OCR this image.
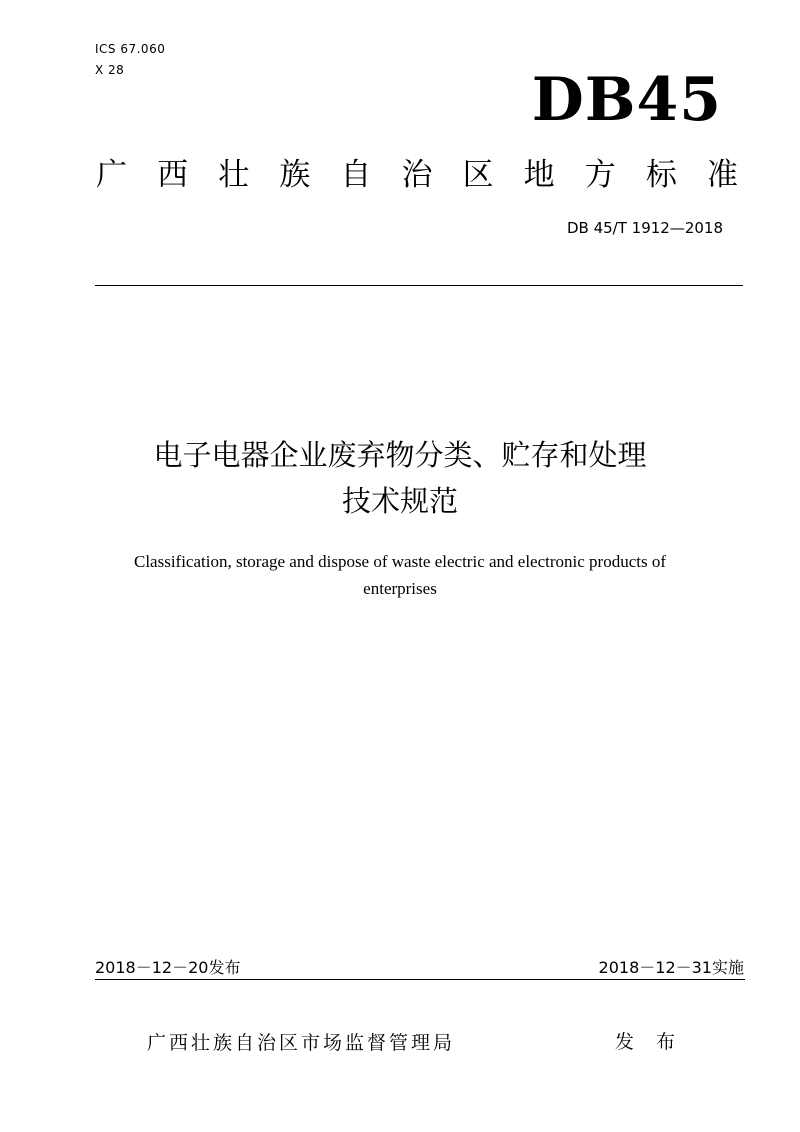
ICS 67.060
X 28	DB45
广 西 壮 族 自 治 区 地 方 标 准
DB 45/T 1912—2018
电子电器企业废弃物分类、贮存和处理
技术规范
Classification, storage and dispose of waste electric and electronic products of
enterprises
2018－12－20发布	2018－12－31实施
广西壮族自治区市场监督管理局	发 布
